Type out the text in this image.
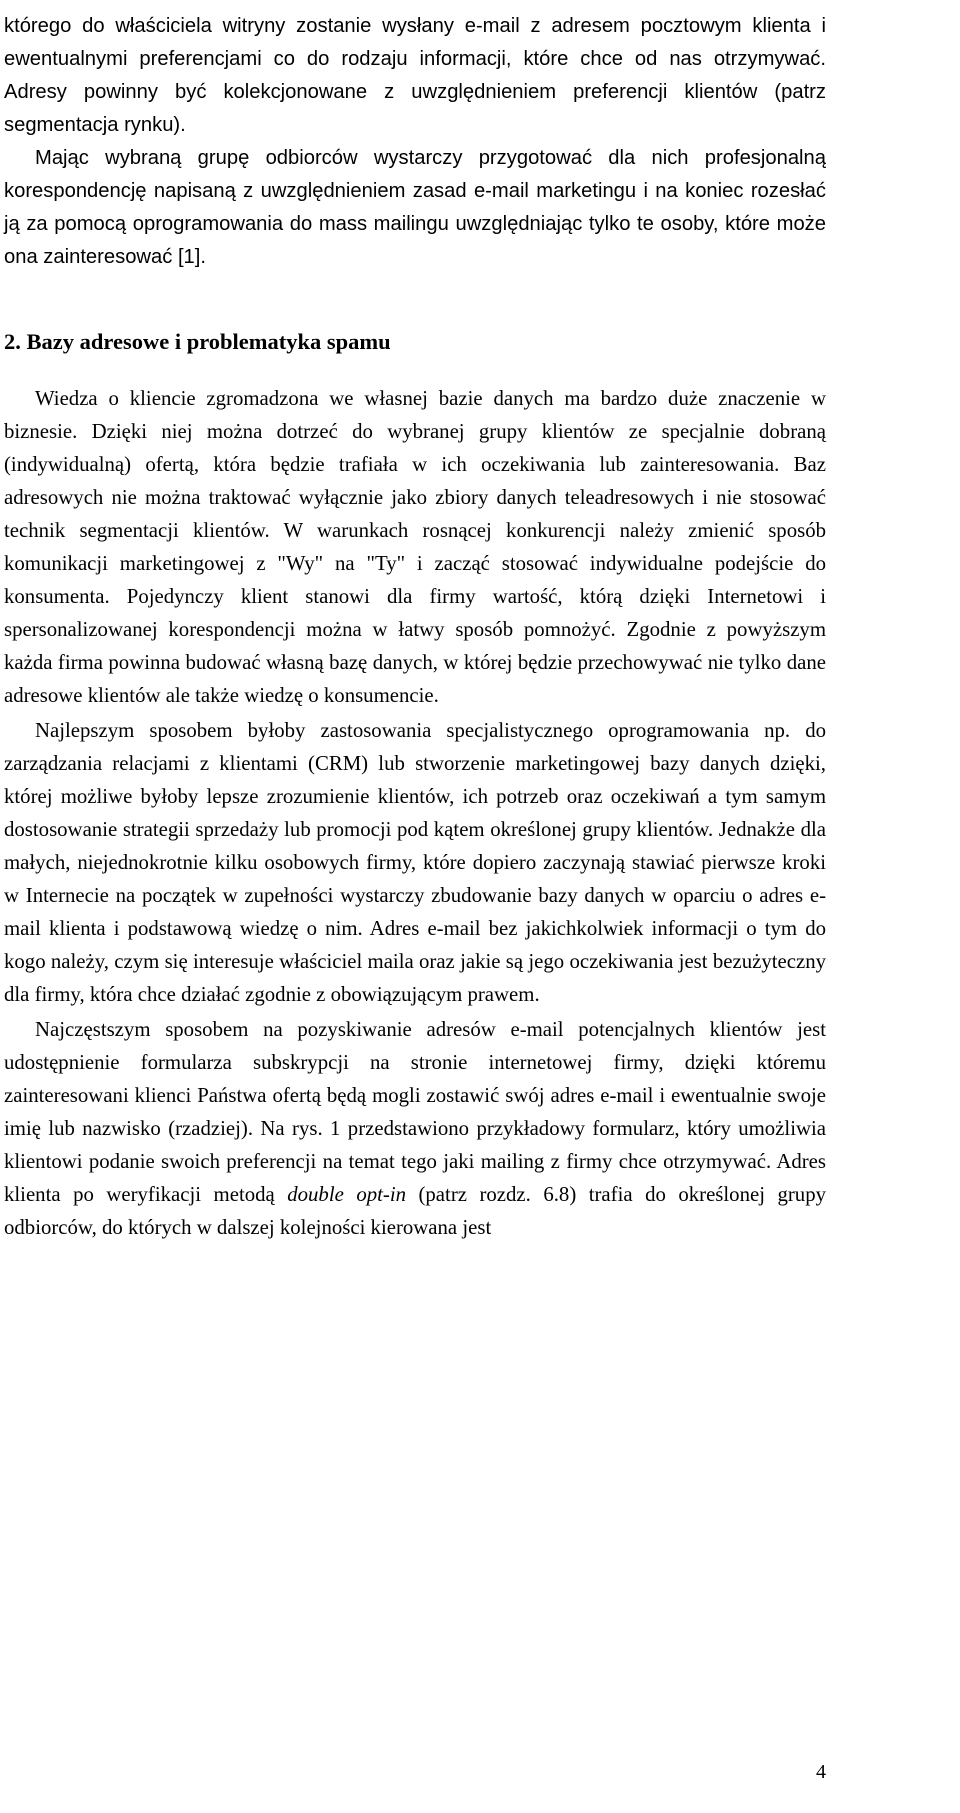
którego do właściciela witryny zostanie wysłany e-mail z adresem pocztowym klienta i ewentualnymi preferencjami co do rodzaju informacji, które chce od nas otrzymywać. Adresy powinny być kolekcjonowane z uwzględnieniem preferencji klientów (patrz segmentacja rynku).

Mając wybraną grupę odbiorców wystarczy przygotować dla nich profesjonalną korespondencję napisaną z uwzględnieniem zasad e-mail marketingu i na koniec rozesłać ją za pomocą oprogramowania do mass mailingu uwzględniając tylko te osoby, które może ona zainteresować [1].

2. Bazy adresowe i problematyka spamu

Wiedza o kliencie zgromadzona we własnej bazie danych ma bardzo duże znaczenie w biznesie. Dzięki niej można dotrzeć do wybranej grupy klientów ze specjalnie dobraną (indywidualną) ofertą, która będzie trafiała w ich oczekiwania lub zainteresowania. Baz adresowych nie można traktować wyłącznie jako zbiory danych teleadresowych i nie stosować technik segmentacji klientów. W warunkach rosnącej konkurencji należy zmienić sposób komunikacji marketingowej z "Wy" na "Ty" i zacząć stosować indywidualne podejście do konsumenta. Pojedynczy klient stanowi dla firmy wartość, którą dzięki Internetowi i spersonalizowanej korespondencji można w łatwy sposób pomnożyć. Zgodnie z powyższym każda firma powinna budować własną bazę danych, w której będzie przechowywać nie tylko dane adresowe klientów ale także wiedzę o konsumencie.

Najlepszym sposobem byłoby zastosowania specjalistycznego oprogramowania np. do zarządzania relacjami z klientami (CRM) lub stworzenie marketingowej bazy danych dzięki, której możliwe byłoby lepsze zrozumienie klientów, ich potrzeb oraz oczekiwań a tym samym dostosowanie strategii sprzedaży lub promocji pod kątem określonej grupy klientów. Jednakże dla małych, niejednokrotnie kilku osobowych firmy, które dopiero zaczynają stawiać pierwsze kroki w Internecie na początek w zupełności wystarczy zbudowanie bazy danych w oparciu o adres e-mail klienta i podstawową wiedzę o nim. Adres e-mail bez jakichkolwiek informacji o tym do kogo należy, czym się interesuje właściciel maila oraz jakie są jego oczekiwania jest bezużyteczny dla firmy, która chce działać zgodnie z obowiązującym prawem.

Najczęstszym sposobem na pozyskiwanie adresów e-mail potencjalnych klientów jest udostępnienie formularza subskrypcji na stronie internetowej firmy, dzięki któremu zainteresowani klienci Państwa ofertą będą mogli zostawić swój adres e-mail i ewentualnie swoje imię lub nazwisko (rzadziej). Na rys. 1 przedstawiono przykładowy formularz, który umożliwia klientowi podanie swoich preferencji na temat tego jaki mailing z firmy chce otrzymywać. Adres klienta po weryfikacji metodą double opt-in (patrz rozdz. 6.8) trafia do określonej grupy odbiorców, do których w dalszej kolejności kierowana jest

4
